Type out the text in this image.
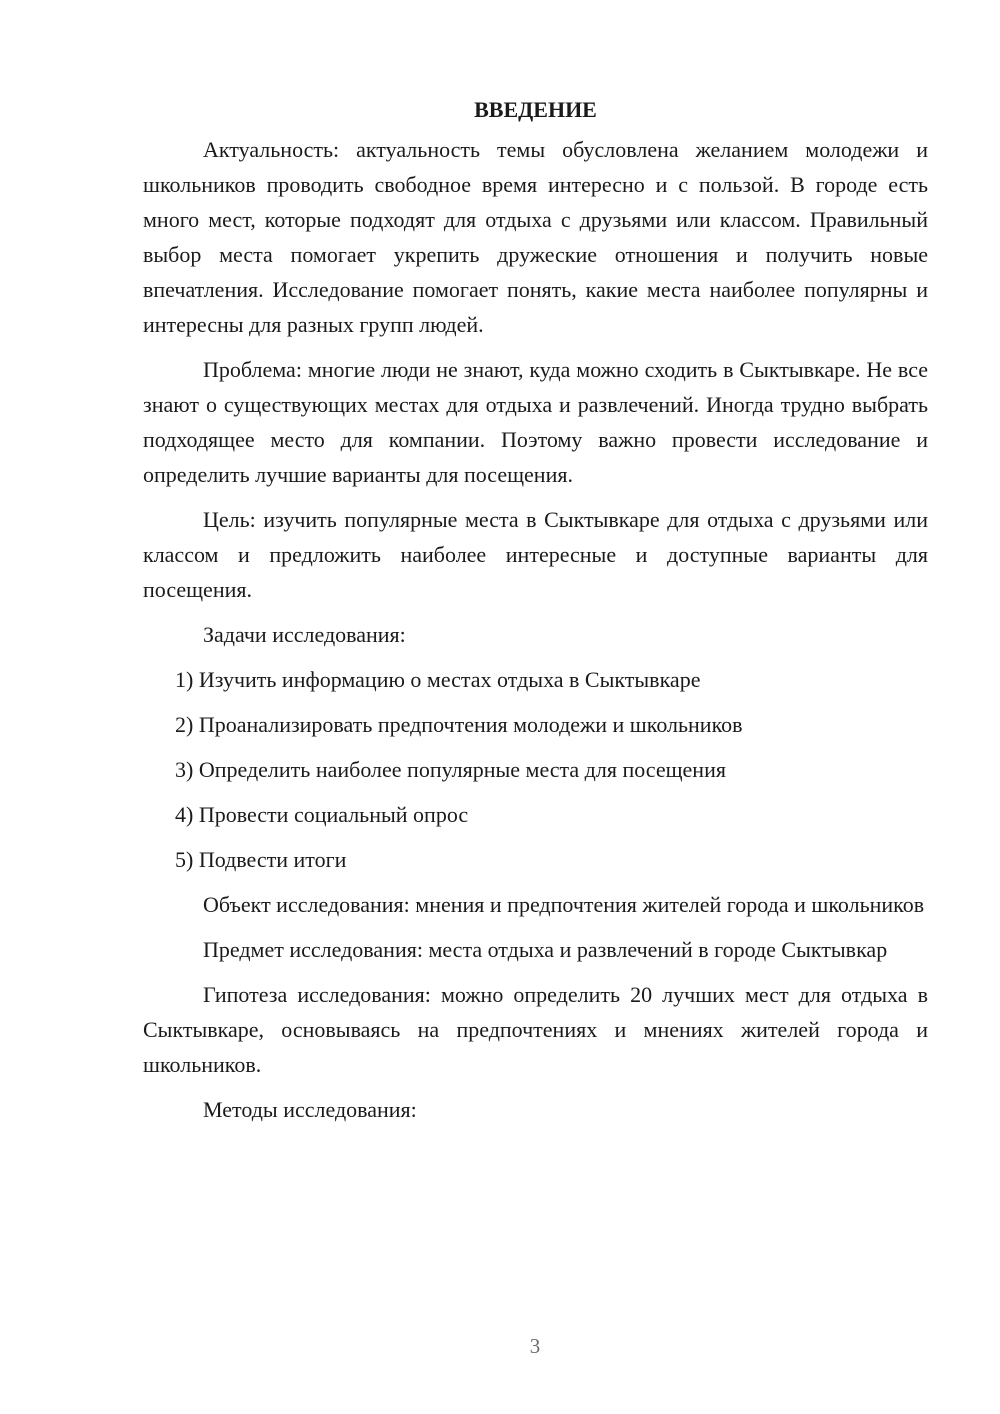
ВВЕДЕНИЕ

Актуальность: актуальность темы обусловлена желанием молодежи и школьников проводить свободное время интересно и с пользой. В городе есть много мест, которые подходят для отдыха с друзьями или классом. Правильный выбор места помогает укрепить дружеские отношения и получить новые впечатления. Исследование помогает понять, какие места наиболее популярны и интересны для разных групп людей.

Проблема: многие люди не знают, куда можно сходить в Сыктывкаре. Не все знают о существующих местах для отдыха и развлечений. Иногда трудно выбрать подходящее место для компании. Поэтому важно провести исследование и определить лучшие варианты для посещения.

Цель: изучить популярные места в Сыктывкаре для отдыха с друзьями или классом и предложить наиболее интересные и доступные варианты для посещения.

Задачи исследования:

1) Изучить информацию о местах отдыха в Сыктывкаре
2) Проанализировать предпочтения молодежи и школьников
3) Определить наиболее популярные места для посещения
4) Провести социальный опрос
5) Подвести итоги

Объект исследования: мнения и предпочтения жителей города и школьников

Предмет исследования: места отдыха и развлечений в городе Сыктывкар

Гипотеза исследования: можно определить 20 лучших мест для отдыха в Сыктывкаре, основываясь на предпочтениях и мнениях жителей города и школьников.

Методы исследования:

3
